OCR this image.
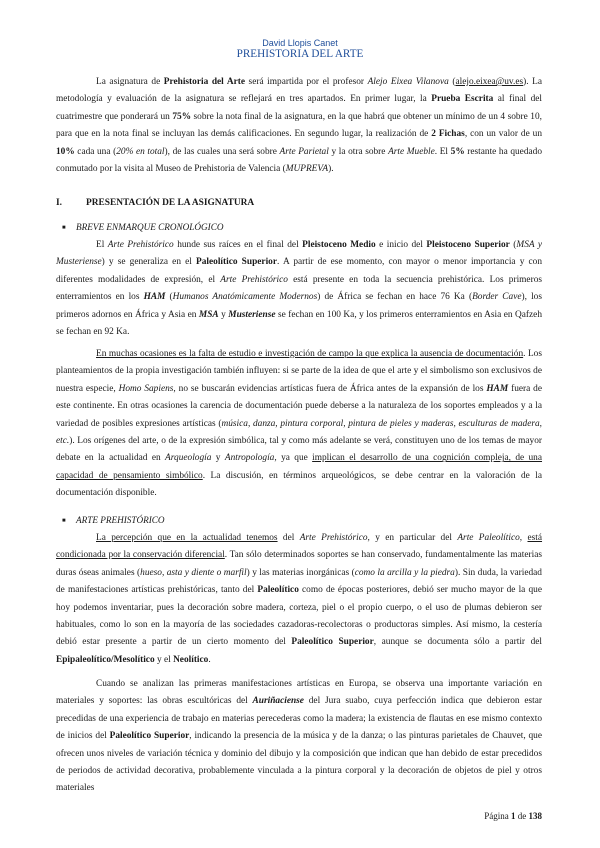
David Llopis Canet
PREHISTORIA DEL ARTE

La asignatura de Prehistoria del Arte será impartida por el profesor Alejo Eixea Vilanova (alejo.eixea@uv.es). La metodología y evaluación de la asignatura se reflejará en tres apartados. En primer lugar, la Prueba Escrita al final del cuatrimestre que ponderará un 75% sobre la nota final de la asignatura, en la que habrá que obtener un mínimo de un 4 sobre 10, para que en la nota final se incluyan las demás calificaciones. En segundo lugar, la realización de 2 Fichas, con un valor de un 10% cada una (20% en total), de las cuales una será sobre Arte Parietal y la otra sobre Arte Mueble. El 5% restante ha quedado conmutado por la visita al Museo de Prehistoria de Valencia (MUPREVA).

I.	PRESENTACIÓN DE LA ASIGNATURA
■ BREVE ENMARQUE CRONOLÓGICO

El Arte Prehistórico hunde sus raíces en el final del Pleistoceno Medio e inicio del Pleistoceno Superior (MSA y Musteriense) y se generaliza en el Paleolítico Superior. A partir de ese momento, con mayor o menor importancia y con diferentes modalidades de expresión, el Arte Prehistórico está presente en toda la secuencia prehistórica. Los primeros enterramientos en los HAM (Humanos Anatómicamente Modernos) de África se fechan en hace 76 Ka (Border Cave), los primeros adornos en África y Asia en MSA y Musteriense se fechan en 100 Ka, y los primeros enterramientos en Asia en Qafzeh se fechan en 92 Ka.

En muchas ocasiones es la falta de estudio e investigación de campo la que explica la ausencia de documentación. Los planteamientos de la propia investigación también influyen: si se parte de la idea de que el arte y el simbolismo son exclusivos de nuestra especie, Homo Sapiens, no se buscarán evidencias artísticas fuera de África antes de la expansión de los HAM fuera de este continente. En otras ocasiones la carencia de documentación puede deberse a la naturaleza de los soportes empleados y a la variedad de posibles expresiones artísticas (música, danza, pintura corporal, pintura de pieles y maderas, esculturas de madera, etc.). Los orígenes del arte, o de la expresión simbólica, tal y como más adelante se verá, constituyen uno de los temas de mayor debate en la actualidad en Arqueología y Antropología, ya que implican el desarrollo de una cognición compleja, de una capacidad de pensamiento simbólico. La discusión, en términos arqueológicos, se debe centrar en la valoración de la documentación disponible.

■ ARTE PREHISTÓRICO

La percepción que en la actualidad tenemos del Arte Prehistórico, y en particular del Arte Paleolítico, está condicionada por la conservación diferencial. Tan sólo determinados soportes se han conservado, fundamentalmente las materias duras óseas animales (hueso, asta y diente o marfil) y las materias inorgánicas (como la arcilla y la piedra). Sin duda, la variedad de manifestaciones artísticas prehistóricas, tanto del Paleolítico como de épocas posteriores, debió ser mucho mayor de la que hoy podemos inventariar, pues la decoración sobre madera, corteza, piel o el propio cuerpo, o el uso de plumas debieron ser habituales, como lo son en la mayoría de las sociedades cazadoras-recolectoras o productoras simples. Así mismo, la cestería debió estar presente a partir de un cierto momento del Paleolítico Superior, aunque se documenta sólo a partir del Epipaleolítico/Mesolítico y el Neolítico.

Cuando se analizan las primeras manifestaciones artísticas en Europa, se observa una importante variación en materiales y soportes: las obras escultóricas del Auriñaciense del Jura suabo, cuya perfección indica que debieron estar precedidas de una experiencia de trabajo en materias perecederas como la madera; la existencia de flautas en ese mismo contexto de inicios del Paleolítico Superior, indicando la presencia de la música y de la danza; o las pinturas parietales de Chauvet, que ofrecen unos niveles de variación técnica y dominio del dibujo y la composición que indican que han debido de estar precedidos de periodos de actividad decorativa, probablemente vinculada a la pintura corporal y la decoración de objetos de piel y otros materiales

Página 1 de 138
